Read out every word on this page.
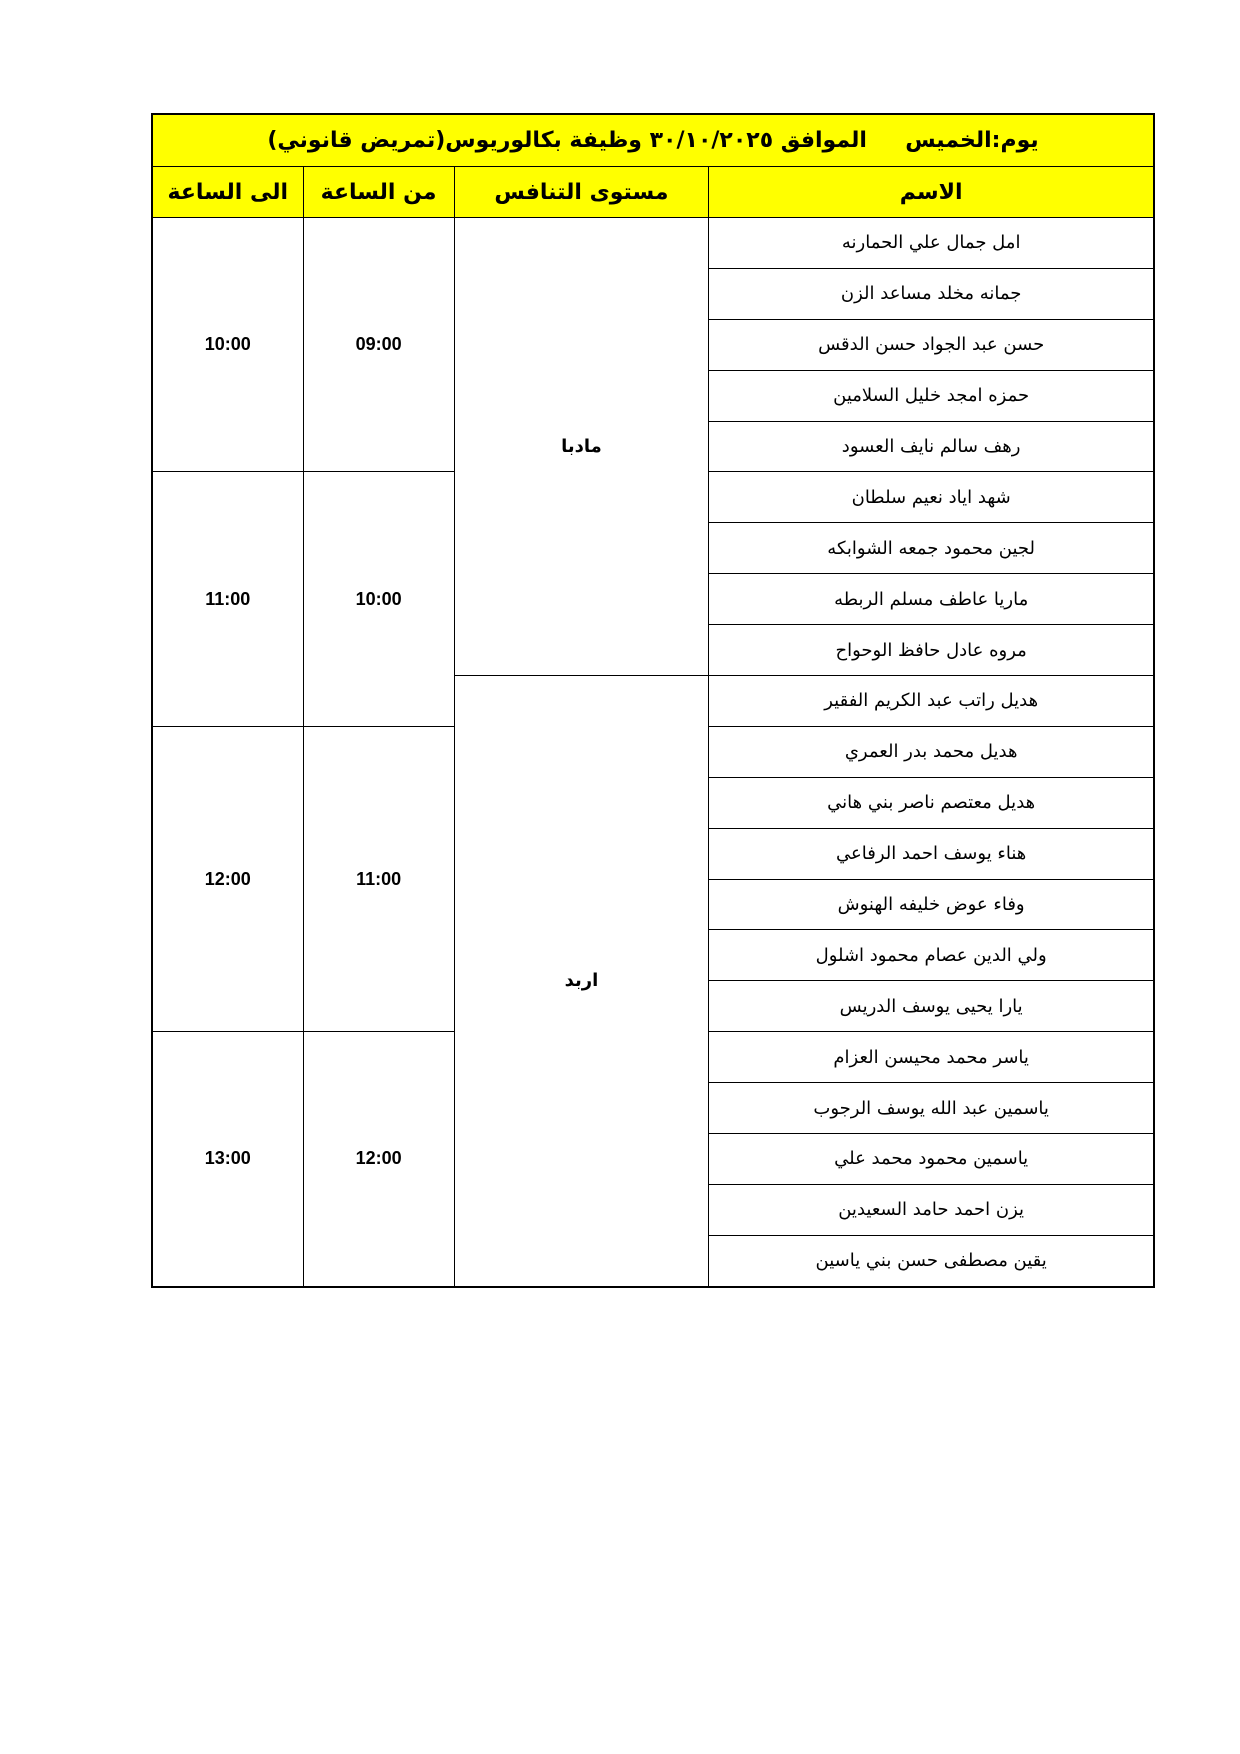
يوم:الخميس     الموافق ٣٠/١٠/٢٠٢٥ وظيفة بكالوريوس(تمريض قانوني)			
الاسم	مستوى التنافس	من الساعة	الى الساعة
امل جمال علي الحمارنه	مادبا	09:00	10:00
جمانه مخلد مساعد الزن			
حسن عبد الجواد حسن الدقس			
حمزه امجد خليل السلامين			
رهف سالم نايف العسود			
شهد اياد نعيم سلطان		10:00	11:00
لجين محمود جمعه الشوابكه			
ماريا عاطف مسلم الربطه			
مروه عادل حافظ الوحواح			
هديل راتب عبد الكريم الفقير	اربد		
هديل محمد بدر العمري		11:00	12:00
هديل معتصم ناصر بني هاني			
هناء يوسف احمد الرفاعي			
وفاء عوض خليفه الهنوش			
ولي الدين عصام محمود اشلول			
يارا يحيى يوسف الدريس			
ياسر محمد محيسن العزام		12:00	13:00
ياسمين عبد الله يوسف الرجوب			
ياسمين محمود محمد علي			
يزن احمد حامد السعيدين			
يقين مصطفى حسن بني ياسين			
